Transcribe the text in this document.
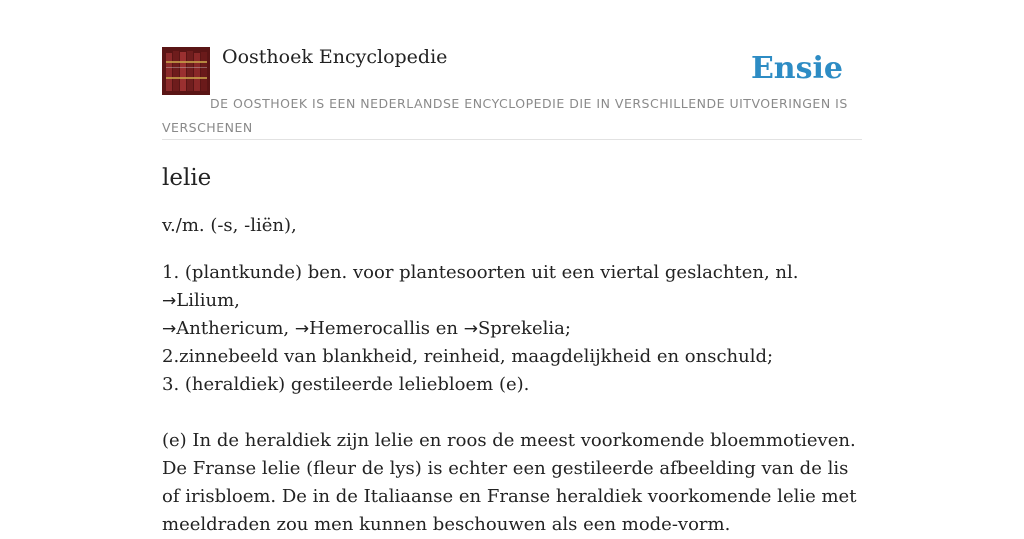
Oosthoek Encyclopedie	Ensie
DE OOSTHOEK IS EEN NEDERLANDSE ENCYCLOPEDIE DIE IN VERSCHILLENDE UITVOERINGEN IS VERSCHENEN
lelie
v./m. (-s, -liën),
1. (plantkunde) ben. voor plantesoorten uit een viertal geslachten, nl. →Lilium,
→Anthericum, →Hemerocallis en →Sprekelia;
2.zinnebeeld van blankheid, reinheid, maagdelijkheid en onschuld;
3. (heraldiek) gestileerde leliebloem (e).

(e) In de heraldiek zijn lelie en roos de meest voorkomende bloemmotieven. De Franse lelie (fleur de lys) is echter een gestileerde afbeelding van de lis of irisbloem. De in de Italiaanse en Franse heraldiek voorkomende lelie met meeldraden zou men kunnen beschouwen als een mode-vorm.
